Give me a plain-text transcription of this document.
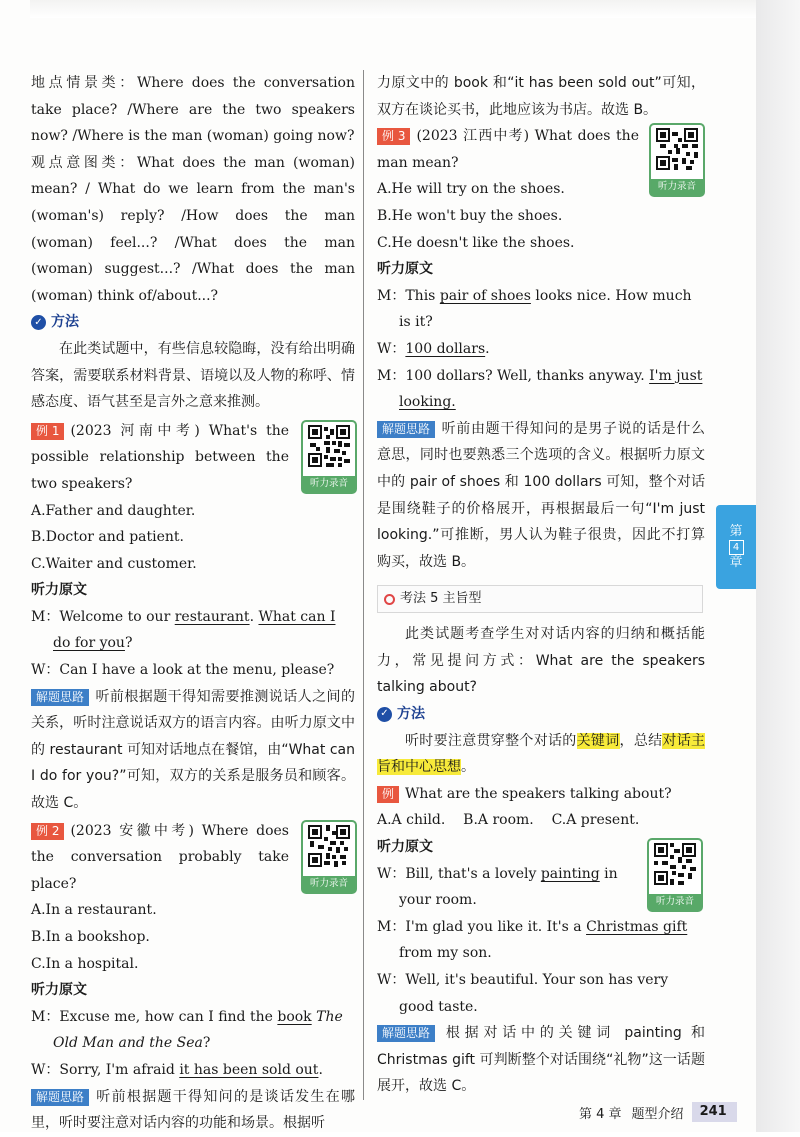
地点情景类：Where does the conversation take place? /Where are the two speakers now? /Where is the man (woman) going now?

观点意图类：What does the man (woman) mean? / What do we learn from the man's (woman's) reply? /How does the man (woman) feel...? /What does the man (woman) suggest...? /What does the man (woman) think of/about...?

✓ 方法

在此类试题中，有些信息较隐晦，没有给出明确答案，需要联系材料背景、语境以及人物的称呼、情感态度、语气甚至是言外之意来推测。

例 1 (2023 河南中考) What's the possible relationship between the two speakers?	听力录音

A.Father and daughter.

B.Doctor and patient.

C.Waiter and customer.

听力原文

M：Welcome to our restaurant. What can I do for you?

W：Can I have a look at the menu, please?

解题思路 听前根据题干得知需要推测说话人之间的关系，听时注意说话双方的语言内容。由听力原文中的 restaurant 可知对话地点在餐馆，由“What can I do for you?”可知，双方的关系是服务员和顾客。故选 C。

例 2 (2023 安徽中考) Where does the conversation probably take place?	听力录音

A.In a restaurant.

B.In a bookshop.

C.In a hospital.

听力原文

M：Excuse me, how can I find the book The Old Man and the Sea?

W：Sorry, I'm afraid it has been sold out.

解题思路 听前根据题干得知问的是谈话发生在哪里，听时要注意对话内容的功能和场景。根据听

力原文中的 book 和“it has been sold out”可知，双方在谈论买书，此地应该为书店。故选 B。

例 3 (2023 江西中考) What does the man mean?

听力录音

A.He will try on the shoes.

B.He won't buy the shoes.

C.He doesn't like the shoes.

听力原文

M：This pair of shoes looks nice. How much is it?

W：100 dollars.

M：100 dollars? Well, thanks anyway. I'm just looking.

解题思路 听前由题干得知问的是男子说的话是什么意思，同时也要熟悉三个选项的含义。根据听力原文中的 pair of shoes 和 100 dollars 可知，整个对话是围绕鞋子的价格展开，再根据最后一句“I'm just looking.”可推断，男人认为鞋子很贵，因此不打算购买，故选 B。

考法 5 主旨型

此类试题考查学生对对话内容的归纳和概括能力，常见提问方式：What are the speakers talking about?

✓ 方法

听时要注意贯穿整个对话的关键词，总结对话主旨和中心思想。

例 What are the speakers talking about?

A.A child. B.A room. C.A present.

听力原文

听力录音

W：Bill, that's a lovely painting in your room.

M：I'm glad you like it. It's a Christmas gift from my son.

W：Well, it's beautiful. Your son has very good taste.

解题思路 根据对话中的关键词 painting 和 Christmas gift 可判断整个对话围绕“礼物”这一话题展开，故选 C。

第
4
章
第 4 章 题型介绍	241
